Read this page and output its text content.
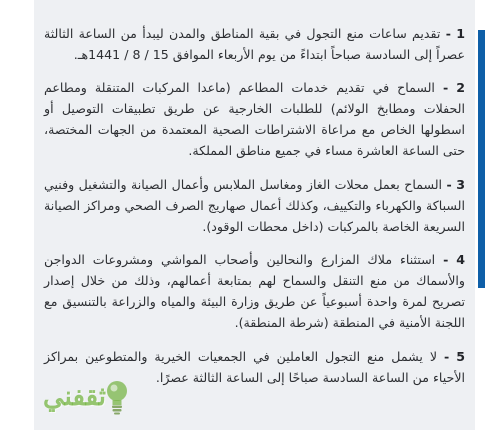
1 - تقديم ساعات منع التجول في بقية المناطق والمدن ليبدأ من الساعة الثالثة عصراً إلى السادسة صباحاً ابتداءً من يوم الأربعاء الموافق 15 / 8 / 1441هـ.

2 - السماح في تقديم خدمات المطاعم (ماعدا المركبات المتنقلة ومطاعم الحفلات ومطابخ الولائم) للطلبات الخارجية عن طريق تطبيقات التوصيل أو اسطولها الخاص مع مراعاة الاشتراطات الصحية المعتمدة من الجهات المختصة، حتى الساعة العاشرة مساء في جميع مناطق المملكة.

3 - السماح بعمل محلات الغاز ومغاسل الملابس وأعمال الصيانة والتشغيل وفنيي السباكة والكهرباء والتكييف، وكذلك أعمال صهاريج الصرف الصحي ومراكز الصيانة السريعة الخاصة بالمركبات (داخل محطات الوقود).

4 - استثناء ملاك المزارع والنحالين وأصحاب المواشي ومشروعات الدواجن والأسماك من منع التنقل والسماح لهم بمتابعة أعمالهم، وذلك من خلال إصدار تصريح لمرة واحدة أسبوعياً عن طريق وزارة البيئة والمياه والزراعة بالتنسيق مع اللجنة الأمنية في المنطقة (شرطة المنطقة).

5 - لا يشمل منع التجول العاملين في الجمعيات الخيرية والمتطوعين بمراكز الأحياء من الساعة السادسة صباحًا إلى الساعة الثالثة عصرًا.

ثقفني
